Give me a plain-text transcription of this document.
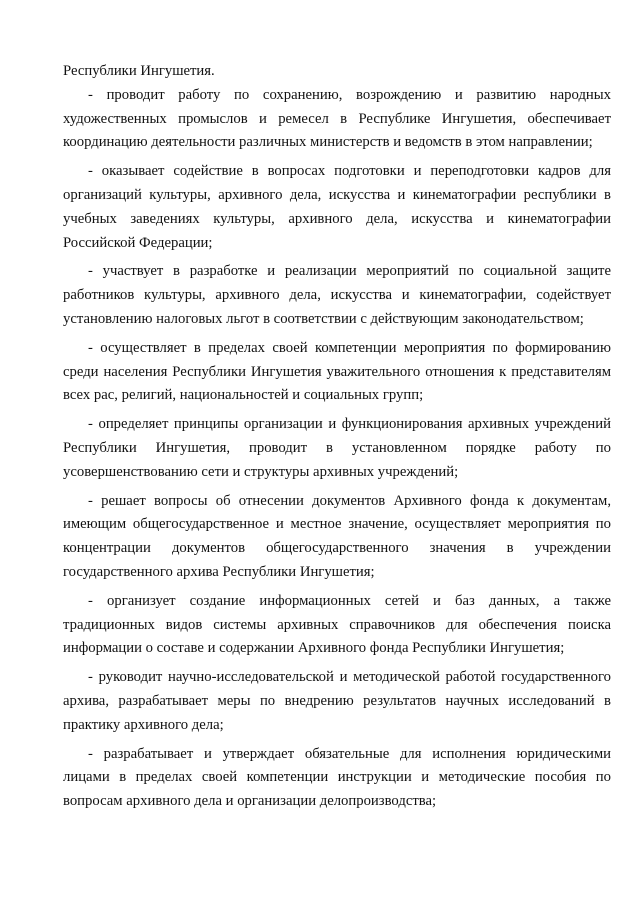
Республики Ингушетия.

- проводит работу по сохранению, возрождению и развитию народных художественных промыслов и ремесел в Республике Ингушетия, обеспечивает координацию деятельности различных министерств и ведомств в этом направлении;

- оказывает содействие в вопросах подготовки и переподготовки кадров для организаций культуры, архивного дела, искусства и кинематографии республики в учебных заведениях культуры, архивного дела, искусства и кинематографии Российской Федерации;

- участвует в разработке и реализации мероприятий по социальной защите работников культуры, архивного дела, искусства и кинематографии, содействует установлению налоговых льгот в соответствии с действующим законодательством;

- осуществляет в пределах своей компетенции мероприятия по формированию среди населения Республики Ингушетия уважительного отношения к представителям всех рас, религий, национальностей и социальных групп;

- определяет принципы организации и функционирования архивных учреждений Республики Ингушетия, проводит в установленном порядке работу по усовершенствованию сети и структуры архивных учреждений;

- решает вопросы об отнесении документов Архивного фонда к документам, имеющим общегосударственное и местное значение, осуществляет мероприятия по концентрации документов общегосударственного значения в учреждении государственного архива Республики Ингушетия;

- организует создание информационных сетей и баз данных, а также традиционных видов системы архивных справочников для обеспечения поиска информации о составе и содержании Архивного фонда Республики Ингушетия;

- руководит научно-исследовательской и методической работой государственного архива, разрабатывает меры по внедрению результатов научных исследований в практику архивного дела;

- разрабатывает и утверждает обязательные для исполнения юридическими лицами в пределах своей компетенции инструкции и методические пособия по вопросам архивного дела и организации делопроизводства;
